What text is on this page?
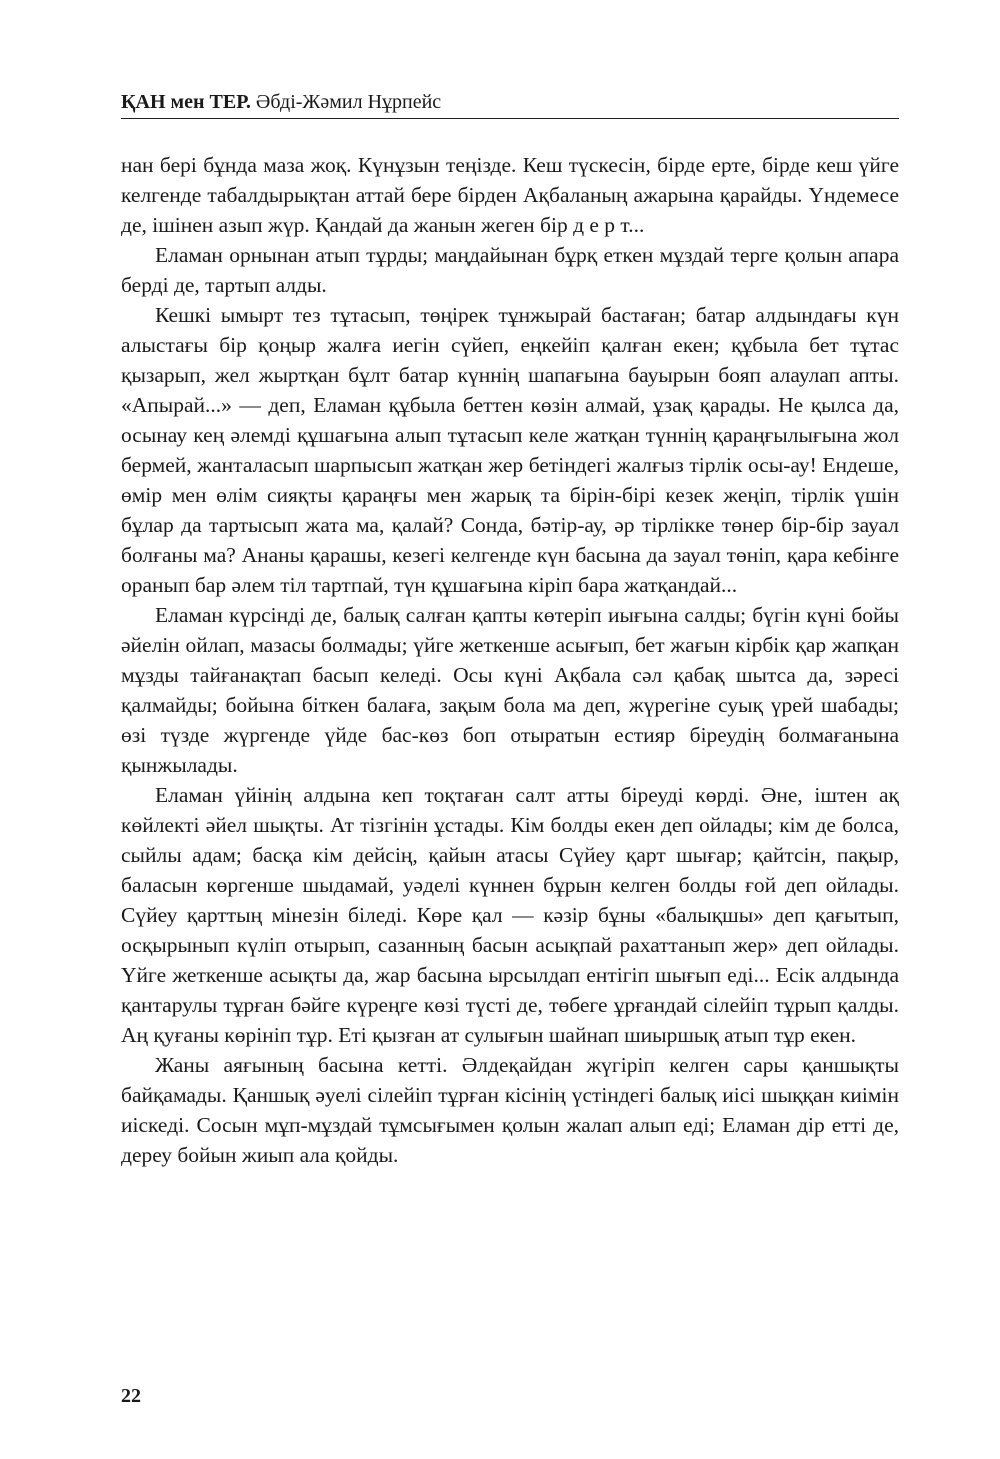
ҚАН мен ТЕР. Әбді-Жәмил Нұрпейс

нан бері бұнда маза жоқ. Күнұзын теңізде. Кеш түскесін, бірде ерте, бірде кеш үйге келгенде табалдырықтан аттай бере бірден Ақбаланың ажарына қарайды. Үндемесе де, ішінен азып жүр. Қандай да жанын жеген бір д е р т...

Еламан орнынан атып тұрды; маңдайынан бұрқ еткен мұздай терге қолын апара берді де, тартып алды.

Кешкі ымырт тез тұтасып, төңірек тұнжырай бастаған; батар алдындағы күн алыстағы бір қоңыр жалға иегін сүйеп, еңкейіп қалған екен; құбыла бет тұтас қызарып, жел жыртқан бұлт батар күннің шапағына бауырын бояп алаулап апты. «Апырай...» — деп, Еламан құбыла беттен көзін алмай, ұзақ қарады. Не қылса да, осынау кең әлемді құшағына алып тұтасып келе жатқан түннің қараңғылығына жол бермей, жанталасып шарпысып жатқан жер бетіндегі жалғыз тірлік осы-ау! Ендеше, өмір мен өлім сияқты қараңғы мен жарық та бірін-бірі кезек жеңіп, тірлік үшін бұлар да тартысып жата ма, қалай? Сонда, бәтір-ау, әр тірлікке төнер бір-бір зауал болғаны ма? Ананы қарашы, кезегі келгенде күн басына да зауал төніп, қара кебінге оранып бар әлем тіл тартпай, түн құшағына кіріп бара жатқандай...

Еламан күрсінді де, балық салған қапты көтеріп иығына салды; бүгін күні бойы әйелін ойлап, мазасы болмады; үйге жеткенше асығып, бет жағын кірбік қар жапқан мұзды тайғанақтап басып келеді. Осы күні Ақбала сәл қабақ шытса да, зәресі қалмайды; бойына біткен балаға, зақым бола ма деп, жүрегіне суық үрей шабады; өзі түзде жүргенде үйде бас-көз боп отыратын естияр біреудің болмағанына қынжылады.

Еламан үйінің алдына кеп тоқтаған салт атты біреуді көрді. Әне, іштен ақ көйлекті әйел шықты. Ат тізгінін ұстады. Кім болды екен деп ойлады; кім де болса, сыйлы адам; басқа кім дейсің, қайын атасы Сүйеу қарт шығар; қайтсін, пақыр, баласын көргенше шыдамай, уәделі күннен бұрын келген болды ғой деп ойлады. Сүйеу қарттың мінезін біледі. Көре қал — кәзір бұны «балықшы» деп қағытып, осқырынып күліп отырып, сазанның басын асықпай рахаттанып жер» деп ойлады. Үйге жеткенше асықты да, жар басына ырсылдап ентігіп шығып еді... Есік алдында қантарулы тұрған бәйге күреңге көзі түсті де, төбеге ұрғандай сілейіп тұрып қалды. Аң қуғаны көрініп тұр. Еті қызған ат сулығын шайнап шиыршық атып тұр екен.

Жаны аяғының басына кетті. Әлдеқайдан жүгіріп келген сары қаншықты байқамады. Қаншық әуелі сілейіп тұрған кісінің үстіндегі балық иісі шыққан киімін иіскеді. Сосын мұп-мұздай тұмсығымен қолын жалап алып еді; Еламан дір етті де, дереу бойын жиып ала қойды.

22
